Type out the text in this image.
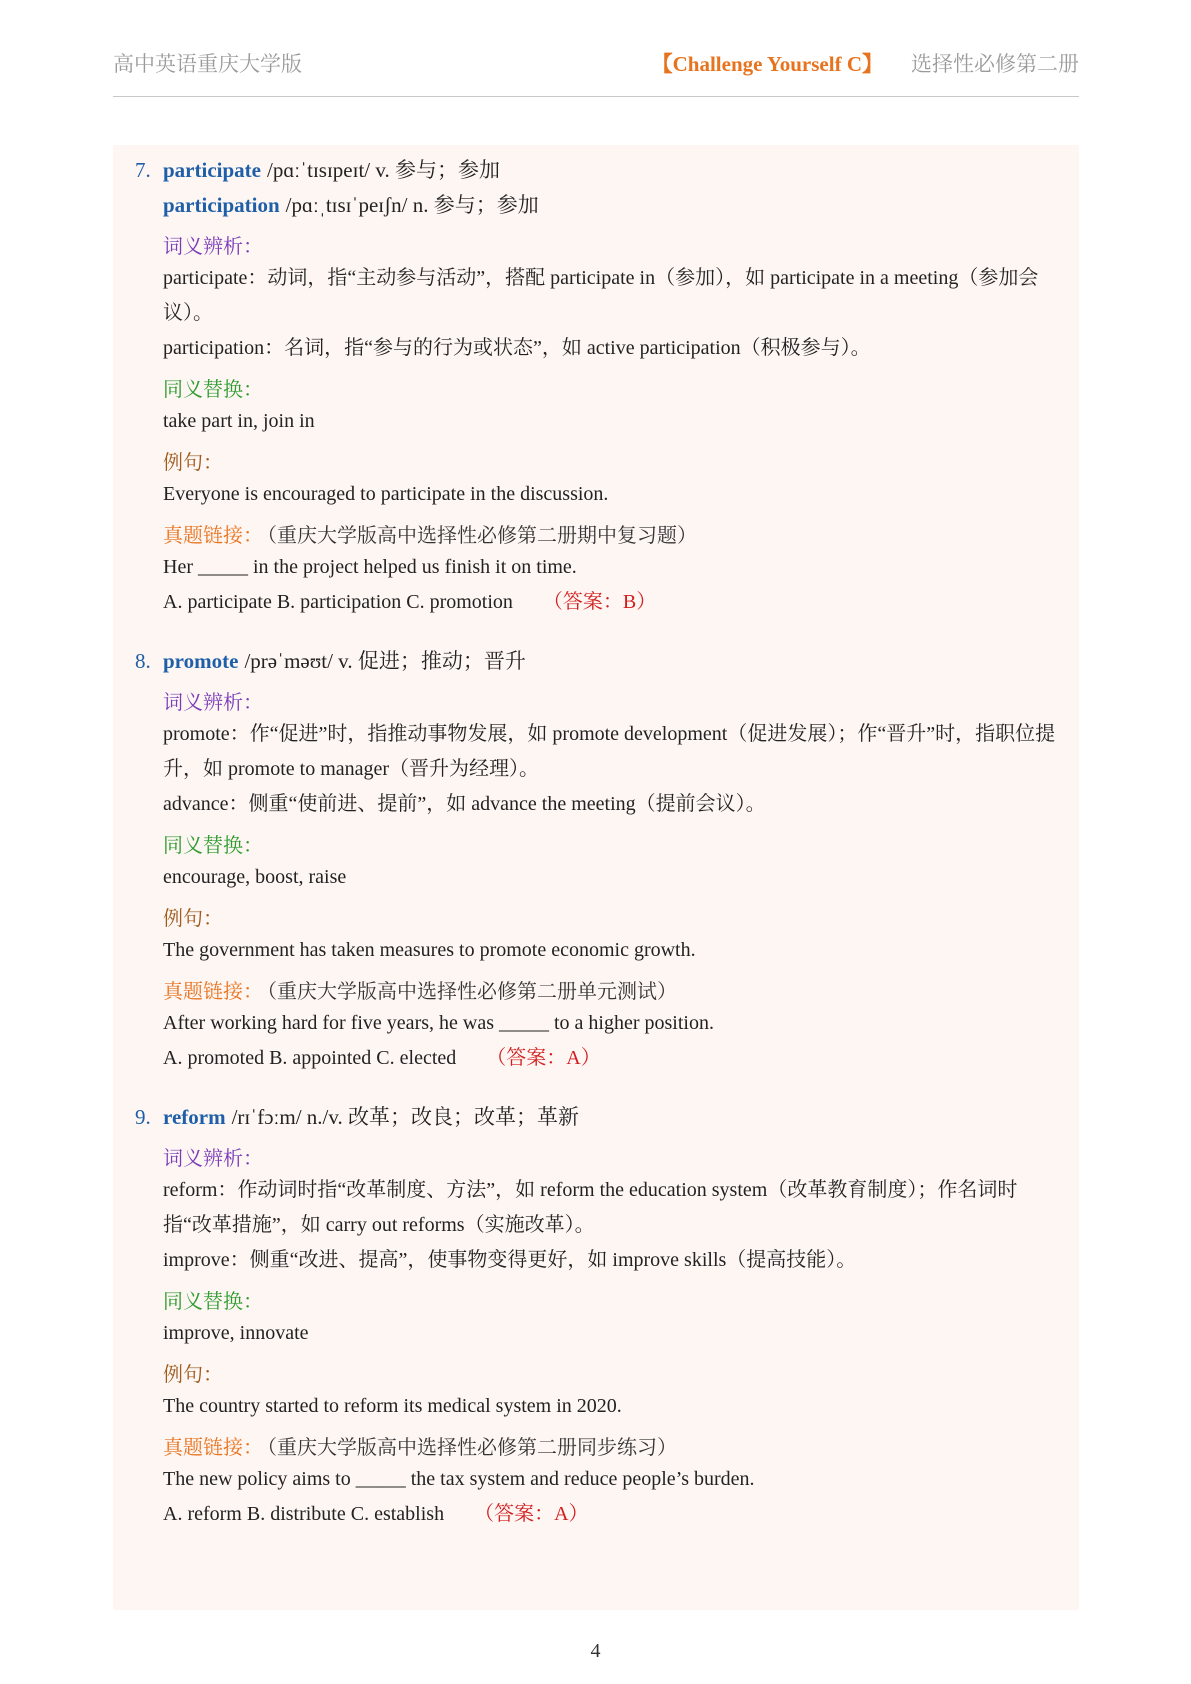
高中英语重庆大学版	【Challenge Yourself C】 选择性必修第二册
7. participate /pɑːˈtɪsɪpeɪt/ v. 参与；参加
participation /pɑːˌtɪsɪˈpeɪʃn/ n. 参与；参加
词义辨析：
participate：动词，指“主动参与活动”，搭配 participate in（参加），如 participate in a meeting（参加会议）。
participation：名词，指“参与的行为或状态”，如 active participation（积极参与）。
同义替换：
take part in, join in
例句：
Everyone is encouraged to participate in the discussion.
真题链接： （重庆大学版高中选择性必修第二册期中复习题）
Her _____ in the project helped us finish it on time.
A. participate B. participation C. promotion （答案：B）
8. promote /prəˈməʊt/ v. 促进；推动；晋升
词义辨析：
promote：作“促进”时，指推动事物发展，如 promote development（促进发展）；作“晋升”时，指职位提升，如 promote to manager（晋升为经理）。
advance：侧重“使前进、提前”，如 advance the meeting（提前会议）。
同义替换：
encourage, boost, raise
例句：
The government has taken measures to promote economic growth.
真题链接： （重庆大学版高中选择性必修第二册单元测试）
After working hard for five years, he was _____ to a higher position.
A. promoted B. appointed C. elected （答案：A）
9. reform /rɪˈfɔːm/ n./v. 改革；改良；改革；革新
词义辨析：
reform：作动词时指“改革制度、方法”，如 reform the education system（改革教育制度）；作名词时指“改革措施”，如 carry out reforms（实施改革）。
improve：侧重“改进、提高”，使事物变得更好，如 improve skills（提高技能）。
同义替换：
improve, innovate
例句：
The country started to reform its medical system in 2020.
真题链接： （重庆大学版高中选择性必修第二册同步练习）
The new policy aims to _____ the tax system and reduce people’s burden.
A. reform B. distribute C. establish （答案：A）
4
